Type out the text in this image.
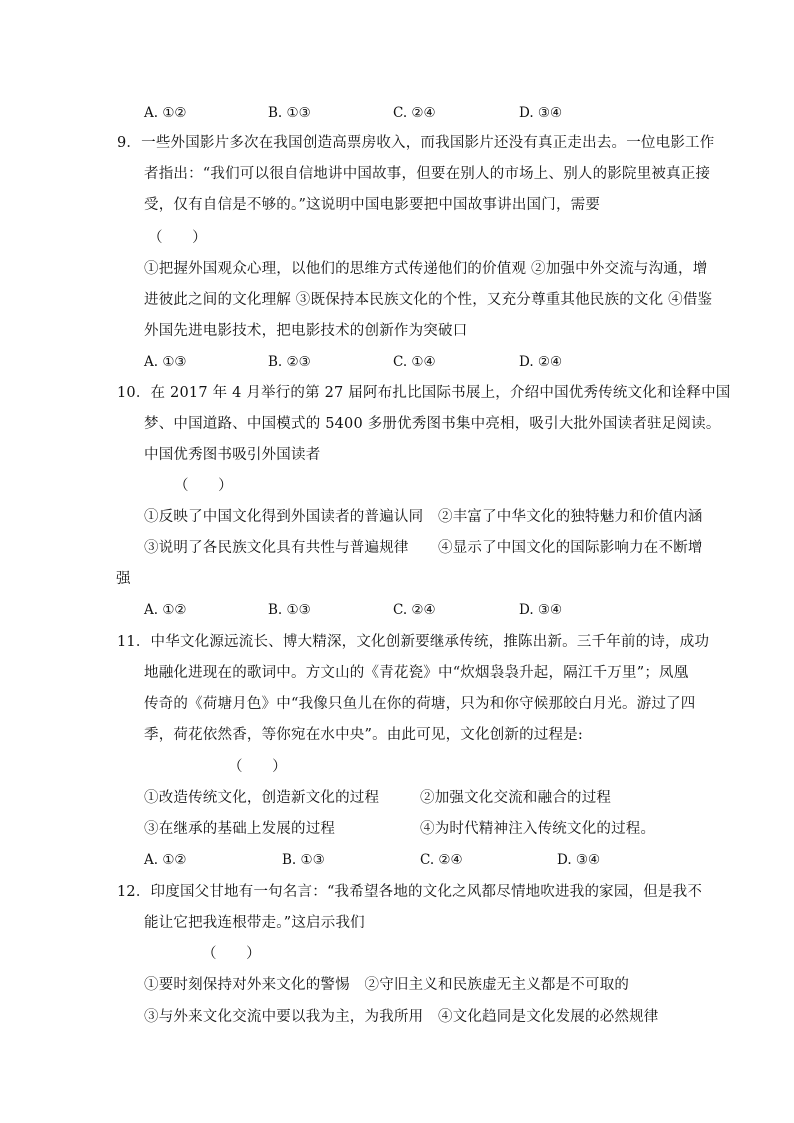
A. ①②	B. ①③	C. ②④	D. ③④
9．一些外国影片多次在我国创造高票房收入，而我国影片还没有真正走出去。一位电影工作
者指出：“我们可以很自信地讲中国故事，但要在别人的市场上、别人的影院里被真正接
受，仅有自信是不够的。”这说明中国电影要把中国故事讲出国门，需要
（　　）
①把握外国观众心理，以他们的思维方式传递他们的价值观 ②加强中外交流与沟通，增
进彼此之间的文化理解 ③既保持本民族文化的个性，又充分尊重其他民族的文化 ④借鉴
外国先进电影技术，把电影技术的创新作为突破口
A. ①③	B. ②③	C. ①④	D. ②④
10．在 2017 年 4 月举行的第 27 届阿布扎比国际书展上，介绍中国优秀传统文化和诠释中国
梦、中国道路、中国模式的 5400 多册优秀图书集中亮相，吸引大批外国读者驻足阅读。
中国优秀图书吸引外国读者
（　　）
①反映了中国文化得到外国读者的普遍认同　②丰富了中华文化的独特魅力和价值内涵
③说明了各民族文化具有共性与普遍规律　　④显示了中国文化的国际影响力在不断增
强
A. ①②	B. ①③	C. ②④	D. ③④
11．中华文化源远流长、博大精深，文化创新要继承传统，推陈出新。三千年前的诗，成功
地融化进现在的歌词中。方文山的《青花瓷》中“炊烟袅袅升起，隔江千万里”；凤凰
传奇的《荷塘月色》中“我像只鱼儿在你的荷塘，只为和你守候那皎白月光。游过了四
季，荷花依然香，等你宛在水中央”。由此可见，文化创新的过程是:
（　　）
①改造传统文化，创造新文化的过程	②加强文化交流和融合的过程
③在继承的基础上发展的过程	④为时代精神注入传统文化的过程。
A. ①②	B. ①③	C. ②④	D. ③④
12．印度国父甘地有一句名言：“我希望各地的文化之风都尽情地吹进我的家园，但是我不
能让它把我连根带走。”这启示我们
（　　）
①要时刻保持对外来文化的警惕　②守旧主义和民族虚无主义都是不可取的
③与外来文化交流中要以我为主，为我所用　④文化趋同是文化发展的必然规律
